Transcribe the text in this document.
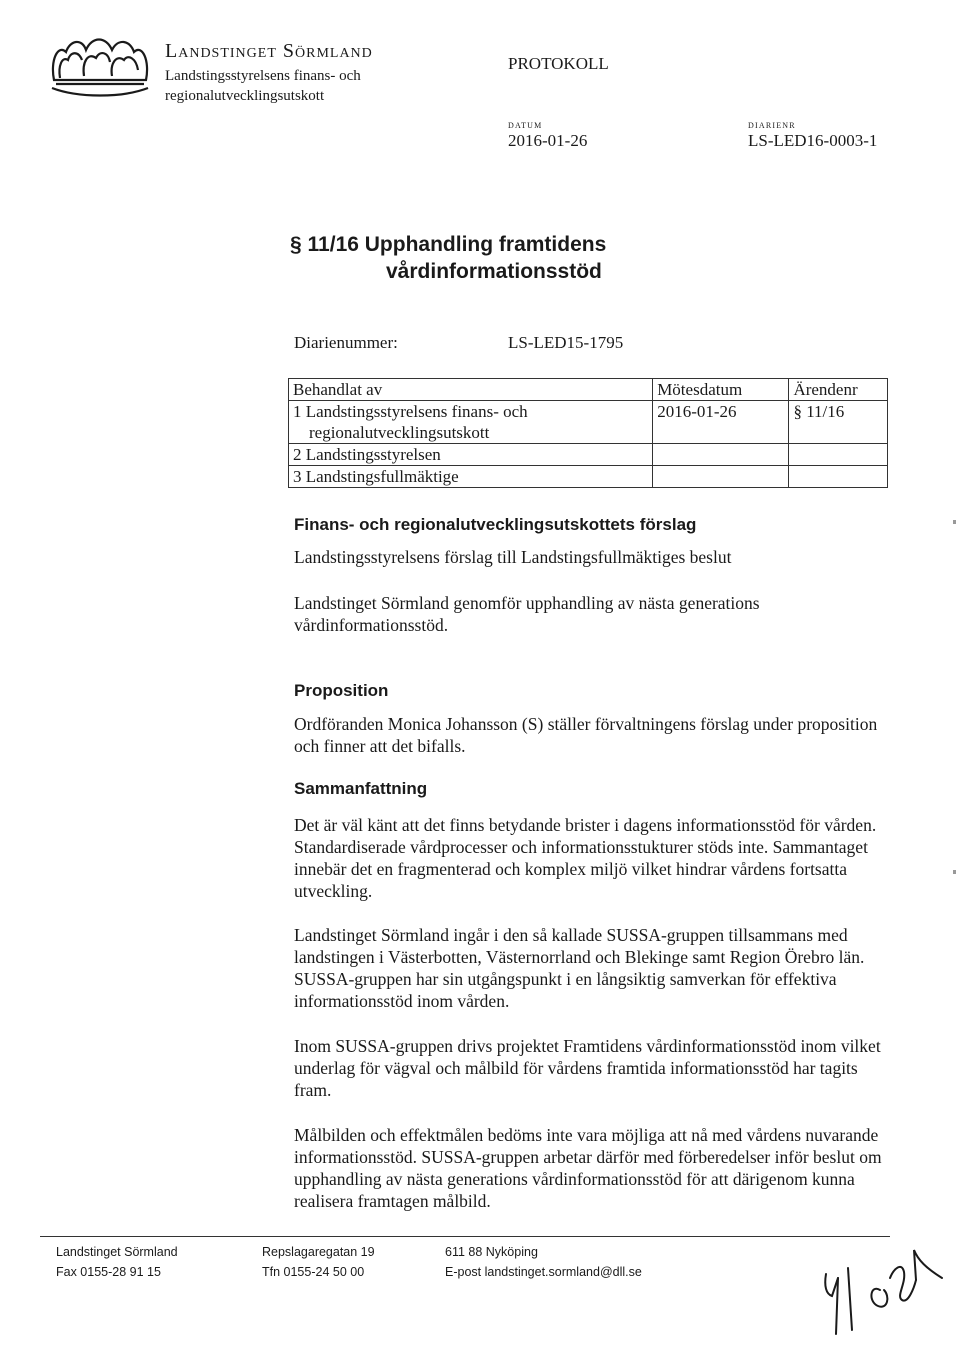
Landstinget Sörmland
Landstingsstyrelsens finans- och
regionalutvecklingsutskott
PROTOKOLL
DATUM
2016-01-26
DIARIENR
LS-LED16-0003-1
§ 11/16 Upphandling framtidens
vårdinformationsstöd
Diarienummer:	LS-LED15-1795
Behandlat av	Mötesdatum	Ärendenr
1 Landstingsstyrelsens finans- och
regionalutvecklingsutskott	2016-01-26	§ 11/16
2 Landstingsstyrelsen		
3 Landstingsfullmäktige		
Finans- och regionalutvecklingsutskottets förslag
Landstingsstyrelsens förslag till Landstingsfullmäktiges beslut
Landstinget Sörmland genomför upphandling av nästa generations vårdinformationsstöd.
Proposition
Ordföranden Monica Johansson (S) ställer förvaltningens förslag under proposition och finner att det bifalls.
Sammanfattning
Det är väl känt att det finns betydande brister i dagens informationsstöd för vården. Standardiserade vårdprocesser och informationsstukturer stöds inte. Sammantaget innebär det en fragmenterad och komplex miljö vilket hindrar vårdens fortsatta utveckling.
Landstinget Sörmland ingår i den så kallade SUSSA-gruppen tillsammans med landstingen i Västerbotten, Västernorrland och Blekinge samt Region Örebro län. SUSSA-gruppen har sin utgångspunkt i en långsiktig samverkan för effektiva informationsstöd inom vården.
Inom SUSSA-gruppen drivs projektet Framtidens vårdinformationsstöd inom vilket underlag för vägval och målbild för vårdens framtida informationsstöd har tagits fram.
Målbilden och effektmålen bedöms inte vara möjliga att nå med vårdens nuvarande informationsstöd. SUSSA-gruppen arbetar därför med förberedelser inför beslut om upphandling av nästa generations vårdinformationsstöd för att därigenom kunna realisera framtagen målbild.
Landstinget Sörmland
Fax 0155-28 91 15
Repslagaregatan 19
Tfn 0155-24 50 00
611 88 Nyköping
E-post landstinget.sormland@dll.se
